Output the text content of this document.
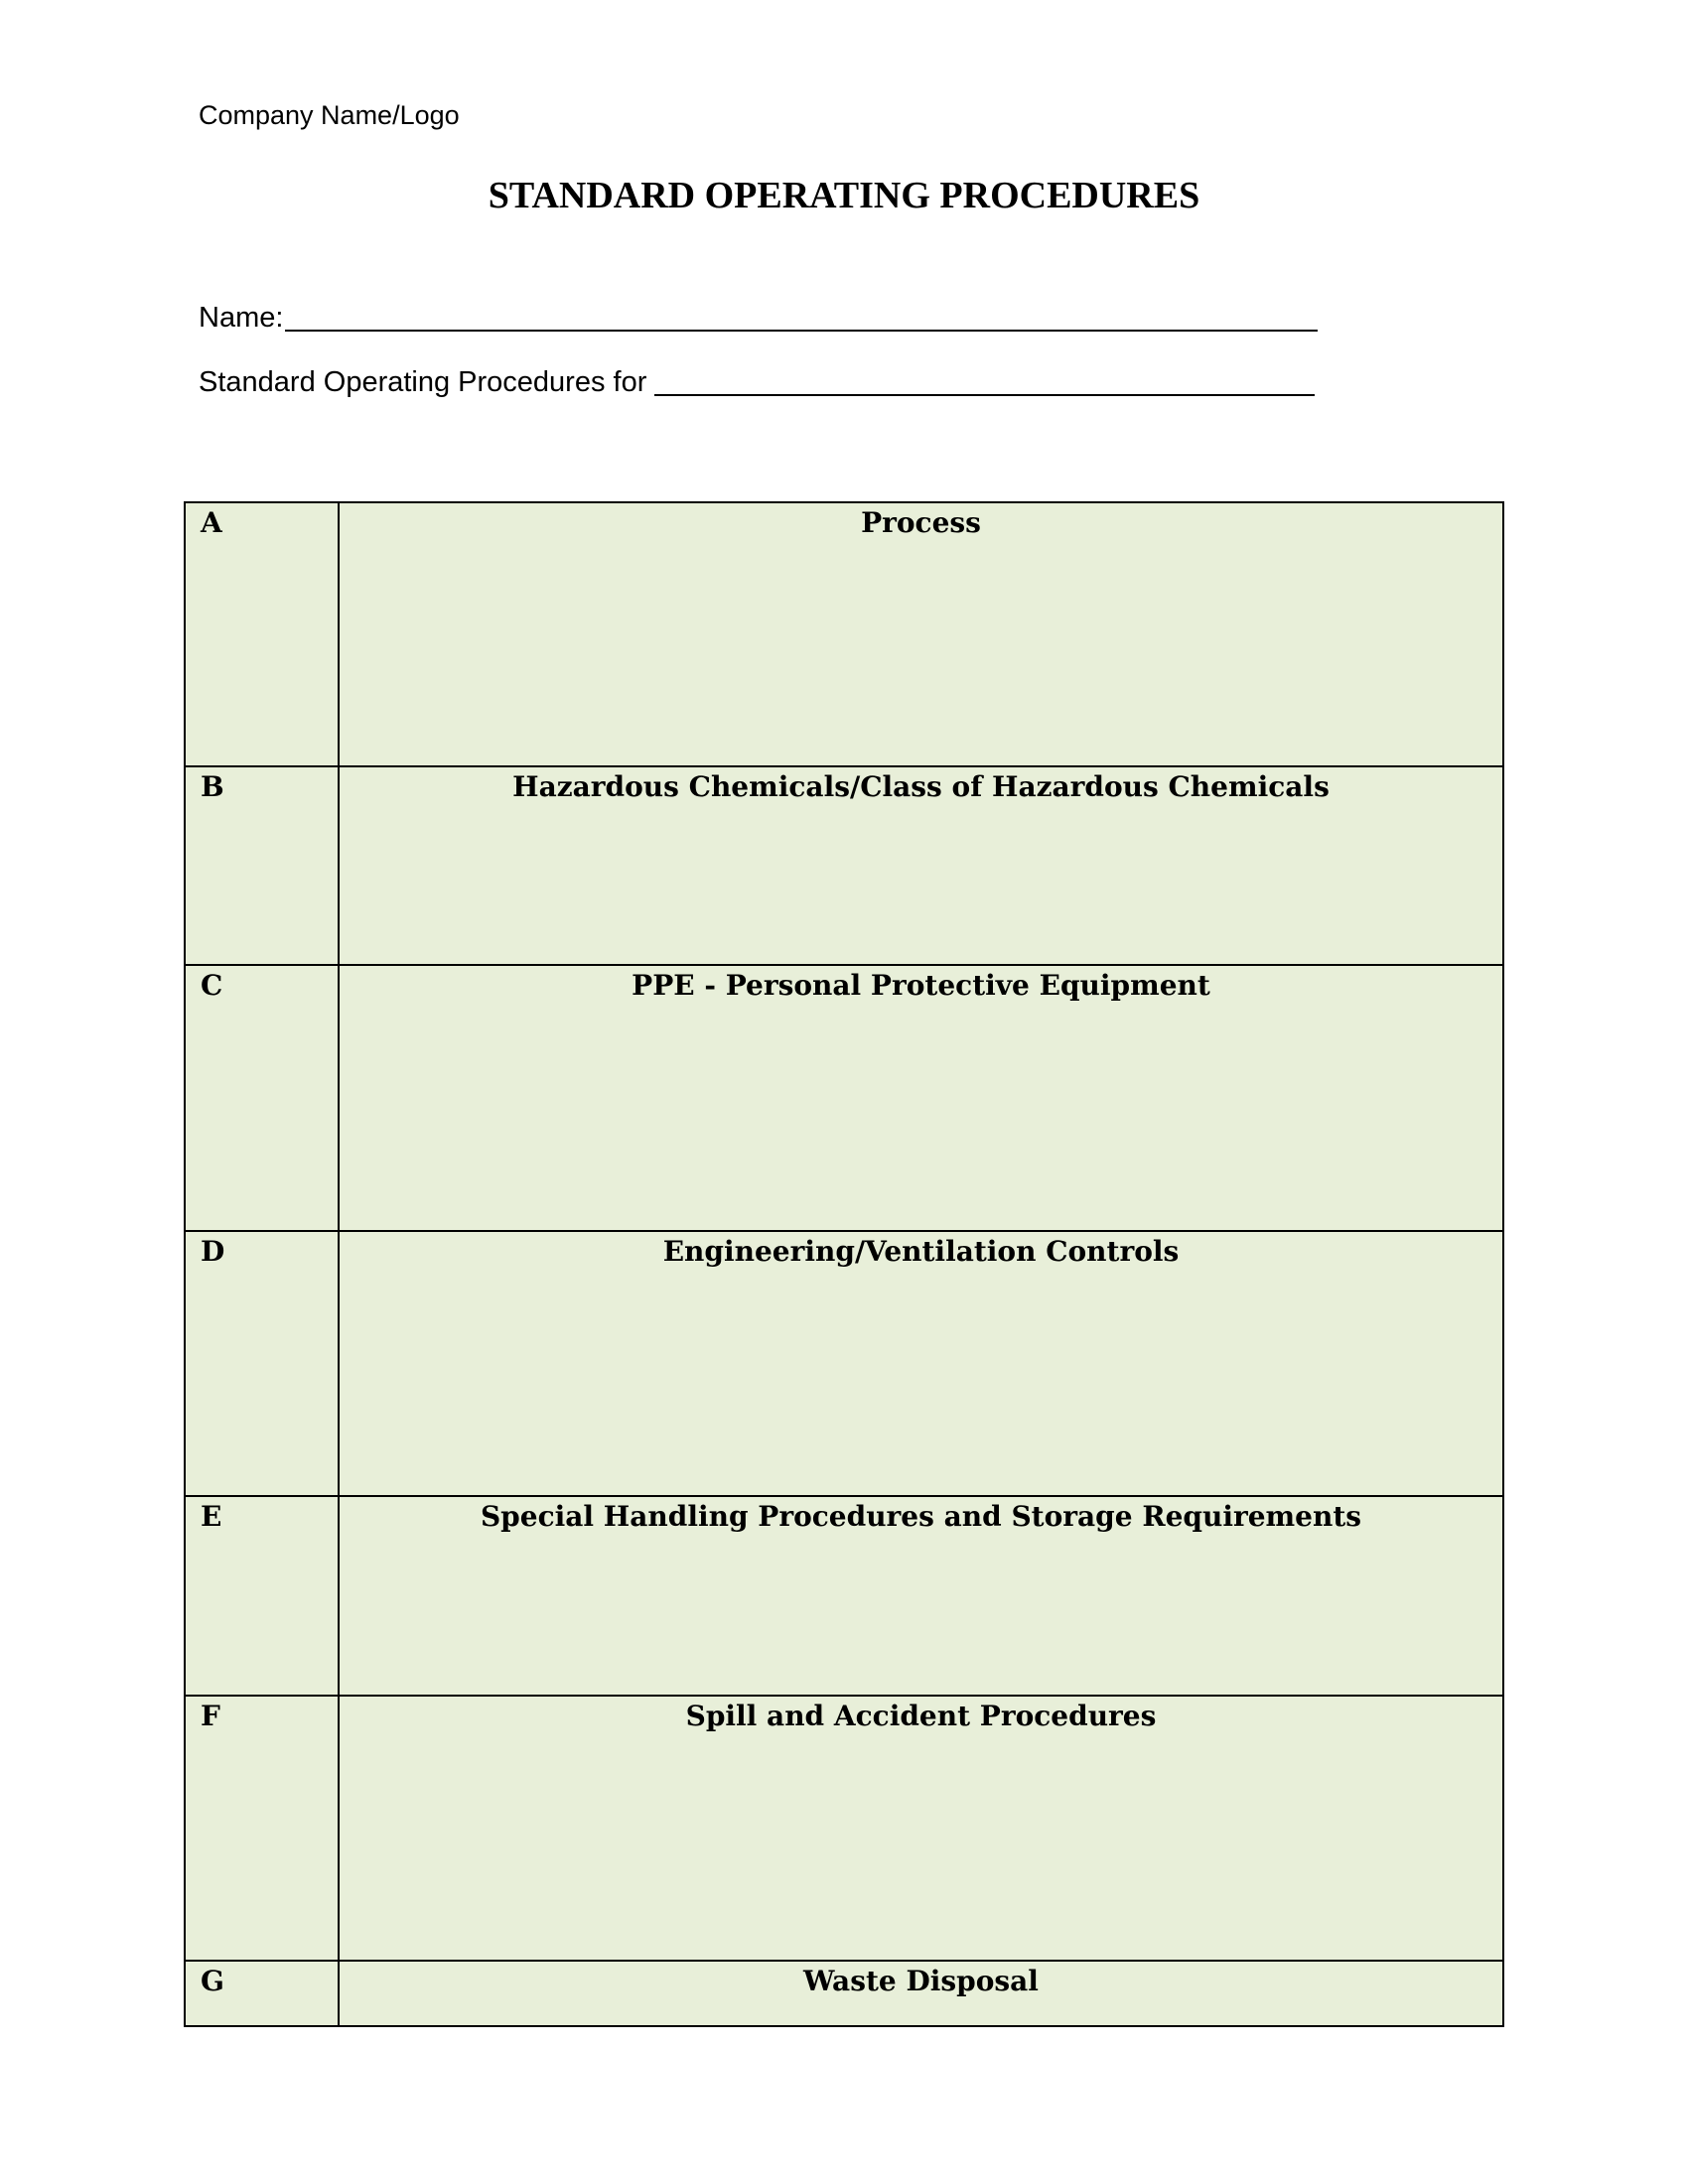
Company Name/Logo
STANDARD OPERATING PROCEDURES
Name:
Standard Operating Procedures for
A	Process
B	Hazardous Chemicals/Class of Hazardous Chemicals
C	PPE - Personal Protective Equipment
D	Engineering/Ventilation Controls
E	Special Handling Procedures and Storage Requirements
F	Spill and Accident Procedures
G	Waste Disposal
